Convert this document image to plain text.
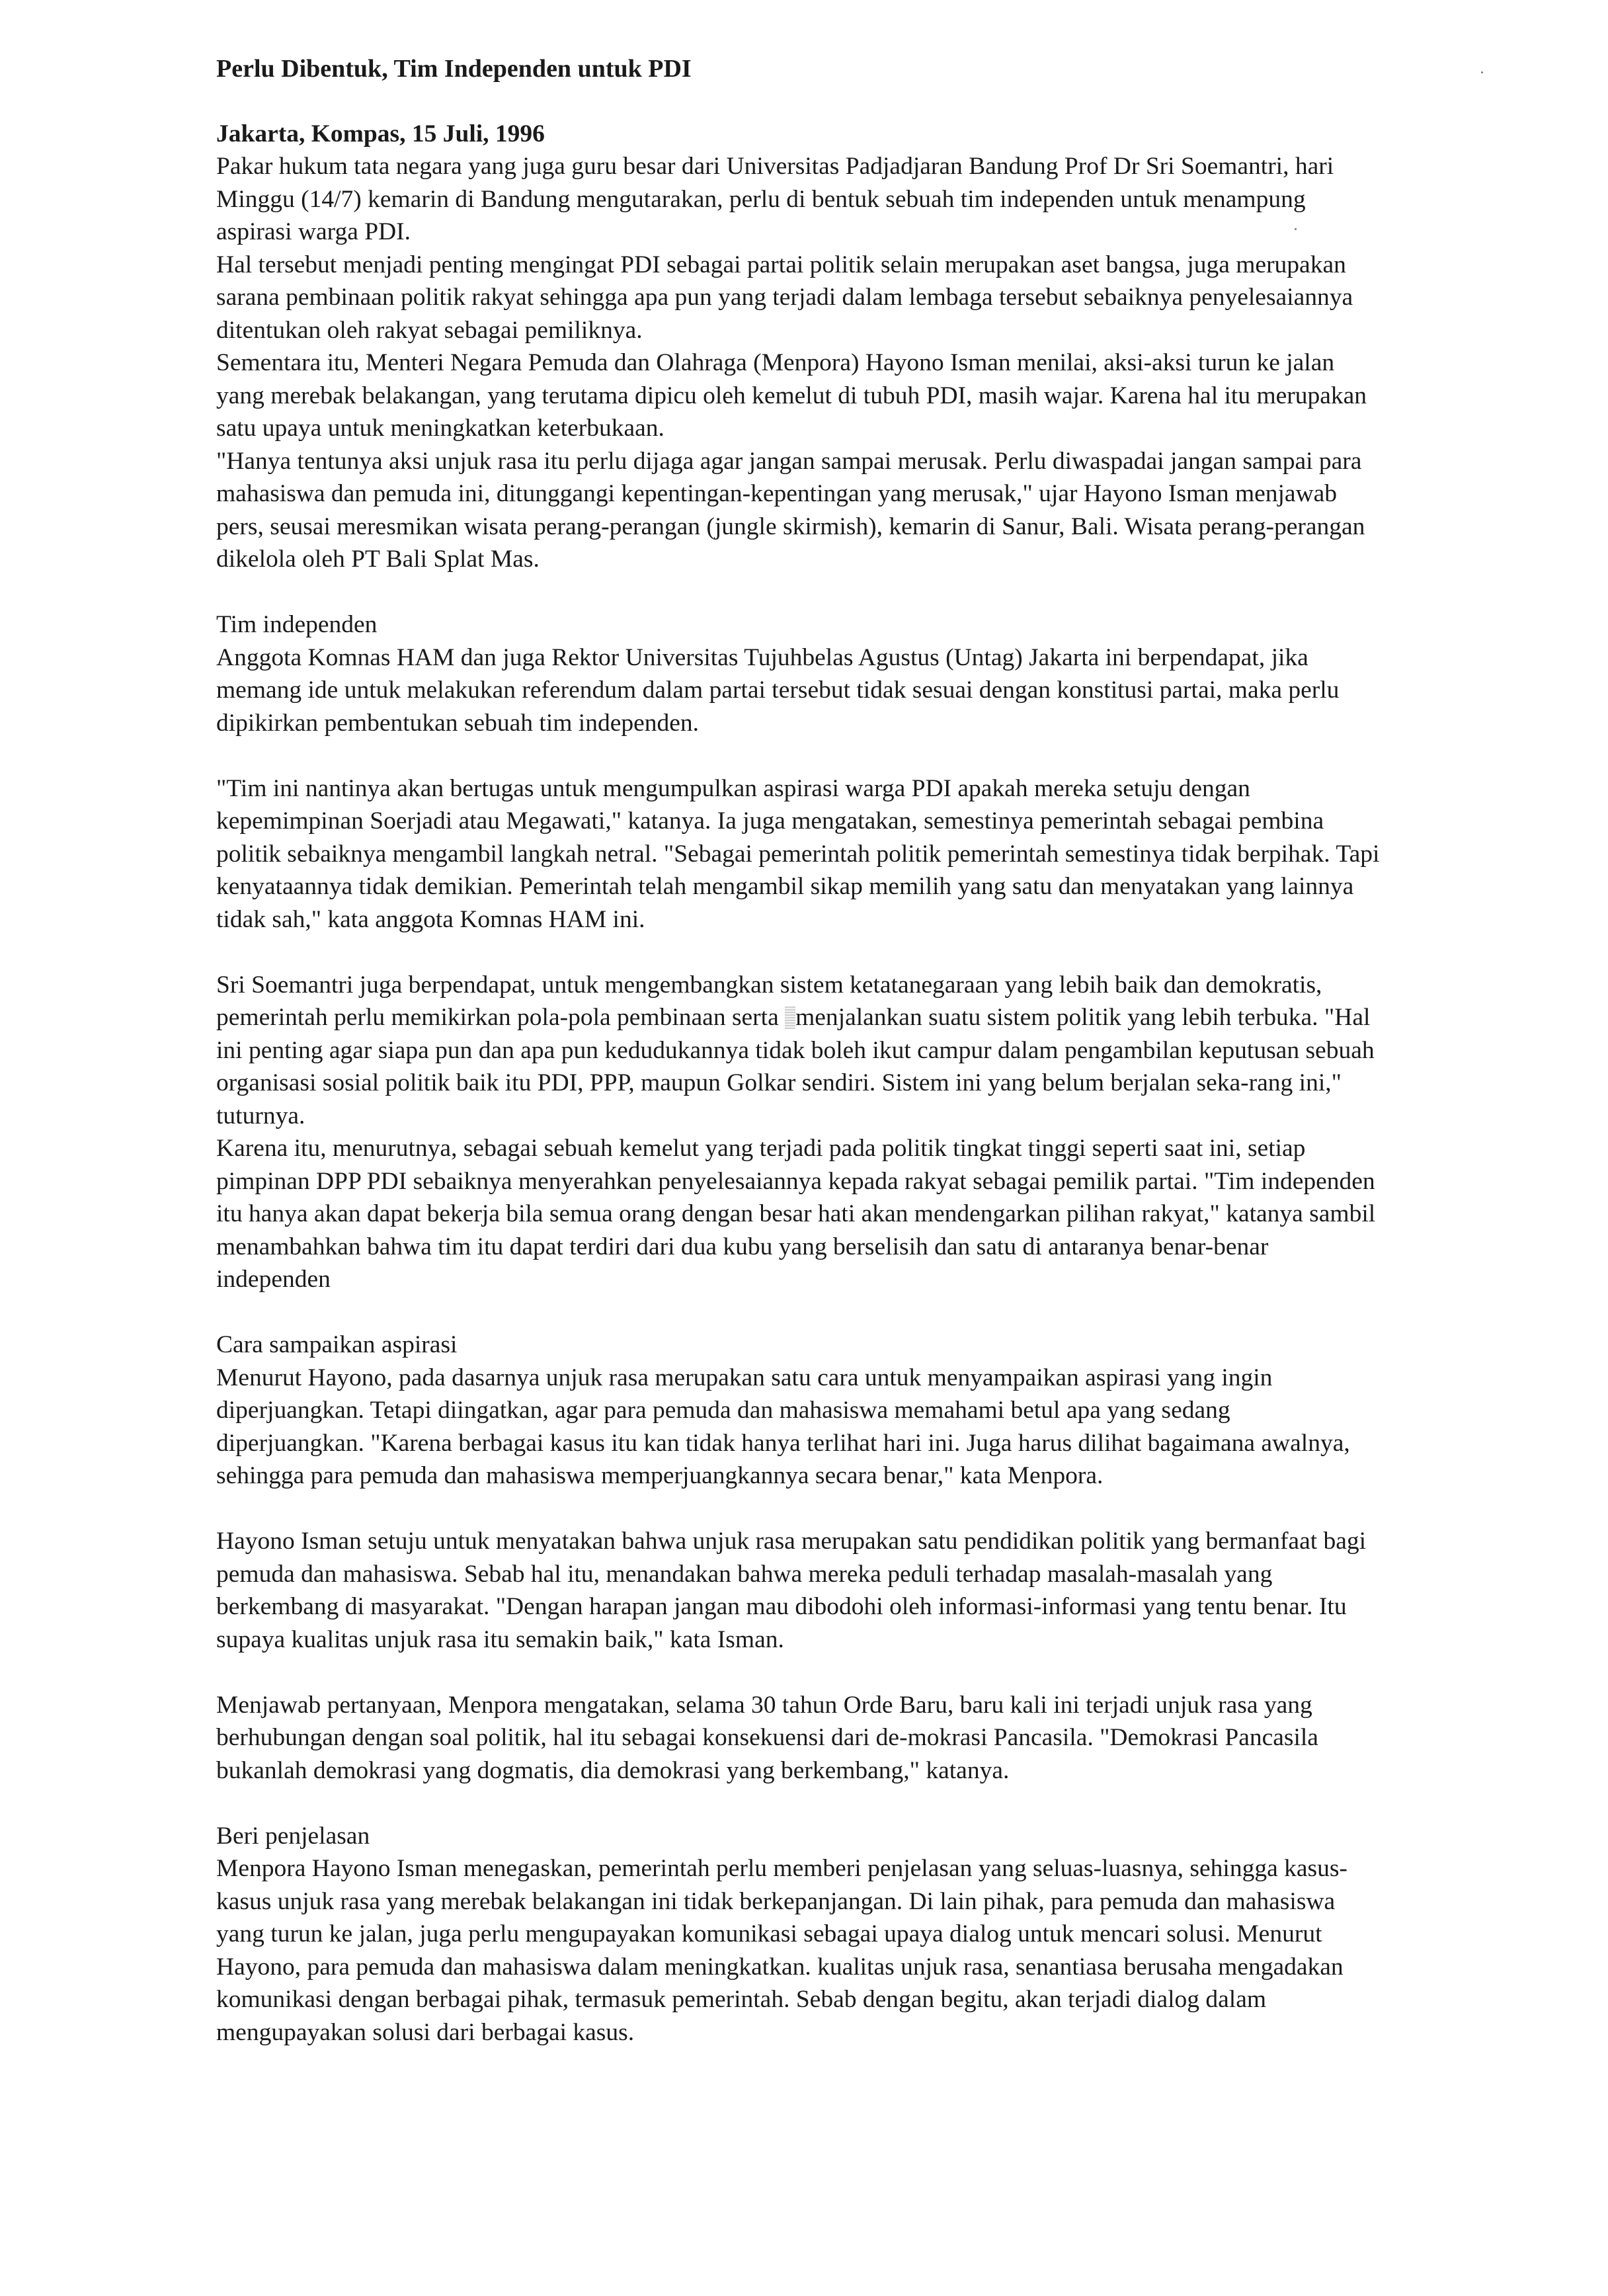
Perlu Dibentuk, Tim Independen untuk PDI

Jakarta, Kompas, 15 Juli, 1996

Pakar hukum tata negara yang juga guru besar dari Universitas Padjadjaran Bandung Prof Dr Sri Soemantri, hari Minggu (14/7) kemarin di Bandung mengutarakan, perlu di bentuk sebuah tim independen untuk menampung aspirasi warga PDI.

Hal tersebut menjadi penting mengingat PDI sebagai partai politik selain merupakan aset bangsa, juga merupakan sarana pembinaan politik rakyat sehingga apa pun yang terjadi dalam lembaga tersebut sebaiknya penyelesaiannya ditentukan oleh rakyat sebagai pemiliknya.

Sementara itu, Menteri Negara Pemuda dan Olahraga (Menpora) Hayono Isman menilai, aksi-aksi turun ke jalan yang merebak belakangan, yang terutama dipicu oleh kemelut di tubuh PDI, masih wajar. Karena hal itu merupakan satu upaya untuk meningkatkan keterbukaan.

"Hanya tentunya aksi unjuk rasa itu perlu dijaga agar jangan sampai merusak. Perlu diwaspadai jangan sampai para mahasiswa dan pemuda ini, ditunggangi kepentingan-kepentingan yang merusak," ujar Hayono Isman menjawab pers, seusai meresmikan wisata perang-perangan (jungle skirmish), kemarin di Sanur, Bali. Wisata perang-perangan dikelola oleh PT Bali Splat Mas.

Tim independen

Anggota Komnas HAM dan juga Rektor Universitas Tujuhbelas Agustus (Untag) Jakarta ini berpendapat, jika memang ide untuk melakukan referendum dalam partai tersebut tidak sesuai dengan konstitusi partai, maka perlu dipikirkan pembentukan sebuah tim independen.

"Tim ini nantinya akan bertugas untuk mengumpulkan aspirasi warga PDI apakah mereka setuju dengan kepemimpinan Soerjadi atau Megawati," katanya. Ia juga mengatakan, semestinya pemerintah sebagai pembina politik sebaiknya mengambil langkah netral. "Sebagai pemerintah politik pemerintah semestinya tidak berpihak. Tapi kenyataannya tidak demikian. Pemerintah telah mengambil sikap memilih yang satu dan menyatakan yang lainnya tidak sah," kata anggota Komnas HAM ini.

Sri Soemantri juga berpendapat, untuk mengembangkan sistem ketatanegaraan yang lebih baik dan demokratis, pemerintah perlu memikirkan pola-pola pembinaan serta menjalankan suatu sistem politik yang lebih terbuka. "Hal ini penting agar siapa pun dan apa pun kedudukannya tidak boleh ikut campur dalam pengambilan keputusan sebuah organisasi sosial politik baik itu PDI, PPP, maupun Golkar sendiri. Sistem ini yang belum berjalan seka-rang ini," tuturnya.

Karena itu, menurutnya, sebagai sebuah kemelut yang terjadi pada politik tingkat tinggi seperti saat ini, setiap pimpinan DPP PDI sebaiknya menyerahkan penyelesaiannya kepada rakyat sebagai pemilik partai. "Tim independen itu hanya akan dapat bekerja bila semua orang dengan besar hati akan mendengarkan pilihan rakyat," katanya sambil menambahkan bahwa tim itu dapat terdiri dari dua kubu yang berselisih dan satu di antaranya benar-benar independen

Cara sampaikan aspirasi

Menurut Hayono, pada dasarnya unjuk rasa merupakan satu cara untuk menyampaikan aspirasi yang ingin diperjuangkan. Tetapi diingatkan, agar para pemuda dan mahasiswa memahami betul apa yang sedang diperjuangkan. "Karena berbagai kasus itu kan tidak hanya terlihat hari ini. Juga harus dilihat bagaimana awalnya, sehingga para pemuda dan mahasiswa memperjuangkannya secara benar," kata Menpora.

Hayono Isman setuju untuk menyatakan bahwa unjuk rasa merupakan satu pendidikan politik yang bermanfaat bagi pemuda dan mahasiswa. Sebab hal itu, menandakan bahwa mereka peduli terhadap masalah-masalah yang berkembang di masyarakat. "Dengan harapan jangan mau dibodohi oleh informasi-informasi yang tentu benar. Itu supaya kualitas unjuk rasa itu semakin baik," kata Isman.

Menjawab pertanyaan, Menpora mengatakan, selama 30 tahun Orde Baru, baru kali ini terjadi unjuk rasa yang berhubungan dengan soal politik, hal itu sebagai konsekuensi dari de-mokrasi Pancasila. "Demokrasi Pancasila bukanlah demokrasi yang dogmatis, dia demokrasi yang berkembang," katanya.

Beri penjelasan

Menpora Hayono Isman menegaskan, pemerintah perlu memberi penjelasan yang seluas-luasnya, sehingga kasus-kasus unjuk rasa yang merebak belakangan ini tidak berkepanjangan. Di lain pihak, para pemuda dan mahasiswa yang turun ke jalan, juga perlu mengupayakan komunikasi sebagai upaya dialog untuk mencari solusi. Menurut Hayono, para pemuda dan mahasiswa dalam meningkatkan. kualitas unjuk rasa, senantiasa berusaha mengadakan komunikasi dengan berbagai pihak, termasuk pemerintah. Sebab dengan begitu, akan terjadi dialog dalam mengupayakan solusi dari berbagai kasus.
